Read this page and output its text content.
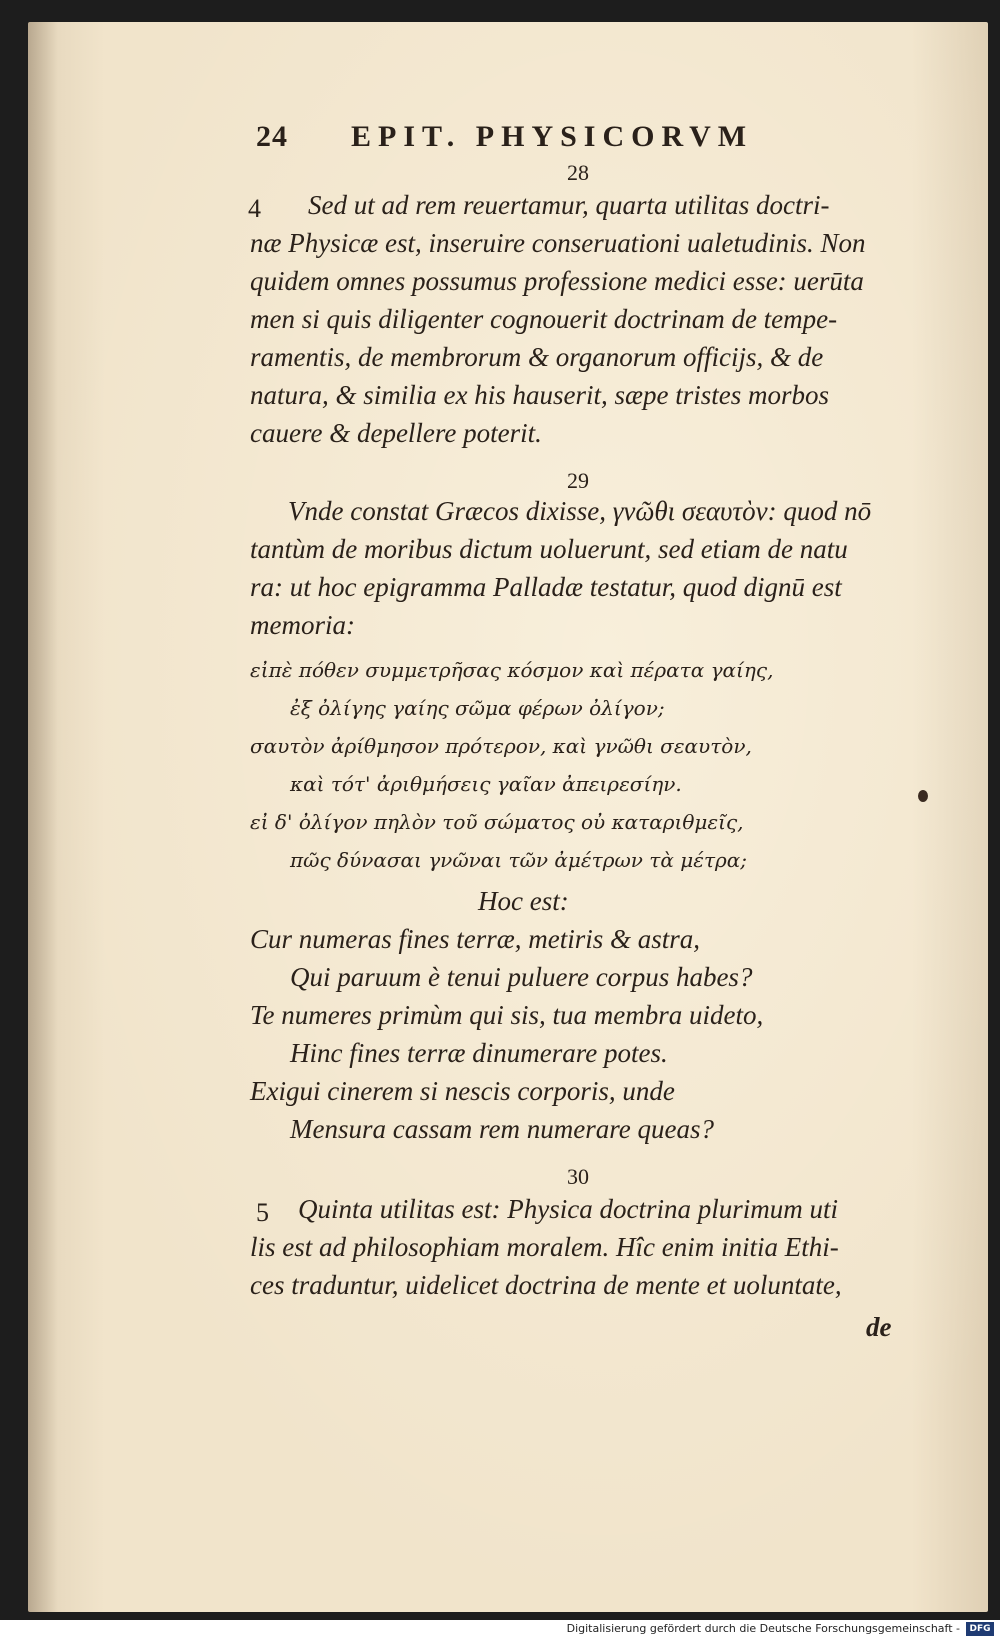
24 EPIT. PHYSICORVM
28
4 Sed ut ad rem reuertamur, quarta utilitas doctri-
næ Physicæ est, inseruire conseruationi ualetudinis. Non
quidem omnes possumus professione medici esse: uerūta
men si quis diligenter cognouerit doctrinam de tempe-
ramentis, de membrorum & organorum officijs, & de
natura, & similia ex his hauserit, sæpe tristes morbos
cauere & depellere poterit.
29
Vnde constat Græcos dixisse, γνῶθι σεαυτὸν: quod nō
tantùm de moribus dictum uoluerunt, sed etiam de natu
ra: ut hoc epigramma Palladæ testatur, quod dignū est
memoria:
εἰπὲ πόθεν συμμετρῆσας κόσμον καὶ πέρατα γαίης,
ἐξ ὀλίγης γαίης σῶμα φέρων ὀλίγον;
σαυτὸν ἀρίθμησον πρότερον, καὶ γνῶθι σεαυτὸν,
καὶ τότ' ἀριθμήσεις γαῖαν ἀπειρεσίην.
εἰ δ' ὀλίγον πηλὸν τοῦ σώματος οὐ καταριθμεῖς,
πῶς δύνασαι γνῶναι τῶν ἀμέτρων τὰ μέτρα;
Hoc est:
Cur numeras fines terræ, metiris & astra,
Qui paruum è tenui puluere corpus habes?
Te numeres primùm qui sis, tua membra uideto,
Hinc fines terræ dinumerare potes.
Exigui cinerem si nescis corporis, unde
Mensura cassam rem numerare queas?
30
5 Quinta utilitas est: Physica doctrina plurimum uti
lis est ad philosophiam moralem. Hîc enim initia Ethi-
ces traduntur, uidelicet doctrina de mente et uoluntate,
de
Digitalisierung gefördert durch die Deutsche Forschungsgemeinschaft -	DFG
